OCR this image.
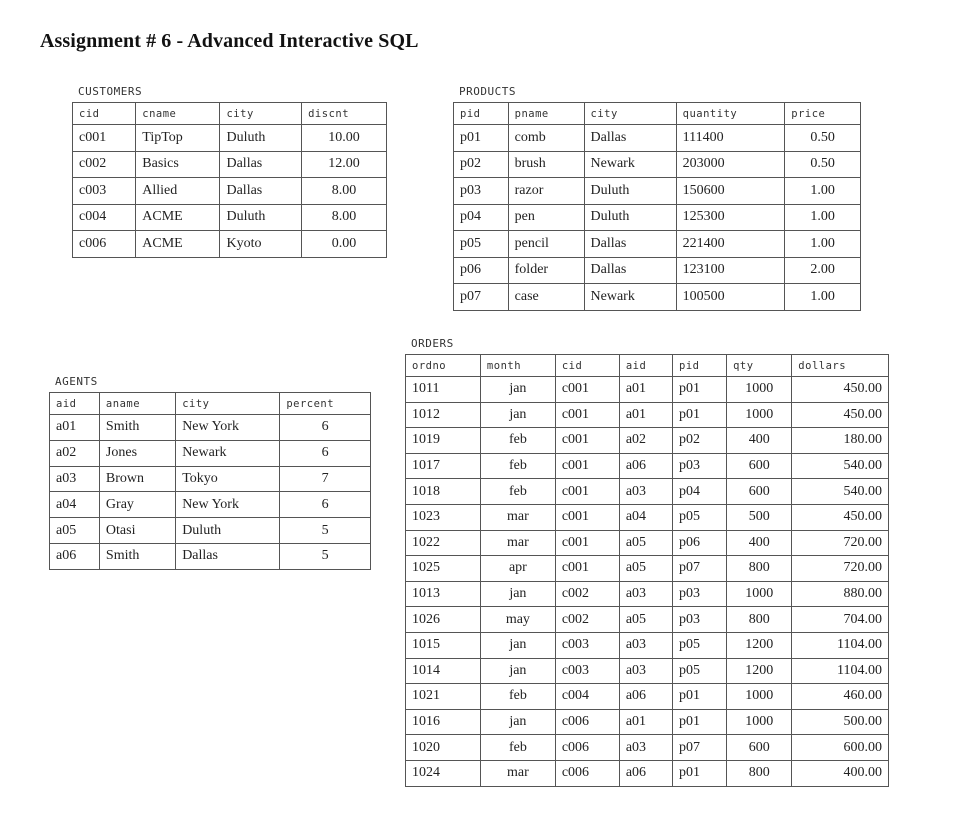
Assignment # 6 - Advanced Interactive SQL
CUSTOMERS
cid	cname	city	discnt
c001	TipTop	Duluth	10.00
c002	Basics	Dallas	12.00
c003	Allied	Dallas	8.00
c004	ACME	Duluth	8.00
c006	ACME	Kyoto	0.00
PRODUCTS
pid	pname	city	quantity	price
p01	comb	Dallas	111400	0.50
p02	brush	Newark	203000	0.50
p03	razor	Duluth	150600	1.00
p04	pen	Duluth	125300	1.00
p05	pencil	Dallas	221400	1.00
p06	folder	Dallas	123100	2.00
p07	case	Newark	100500	1.00
AGENTS
aid	aname	city	percent
a01	Smith	New York	6
a02	Jones	Newark	6
a03	Brown	Tokyo	7
a04	Gray	New York	6
a05	Otasi	Duluth	5
a06	Smith	Dallas	5
ORDERS
ordno	month	cid	aid	pid	qty	dollars
1011	jan	c001	a01	p01	1000	450.00
1012	jan	c001	a01	p01	1000	450.00
1019	feb	c001	a02	p02	400	180.00
1017	feb	c001	a06	p03	600	540.00
1018	feb	c001	a03	p04	600	540.00
1023	mar	c001	a04	p05	500	450.00
1022	mar	c001	a05	p06	400	720.00
1025	apr	c001	a05	p07	800	720.00
1013	jan	c002	a03	p03	1000	880.00
1026	may	c002	a05	p03	800	704.00
1015	jan	c003	a03	p05	1200	1104.00
1014	jan	c003	a03	p05	1200	1104.00
1021	feb	c004	a06	p01	1000	460.00
1016	jan	c006	a01	p01	1000	500.00
1020	feb	c006	a03	p07	600	600.00
1024	mar	c006	a06	p01	800	400.00
